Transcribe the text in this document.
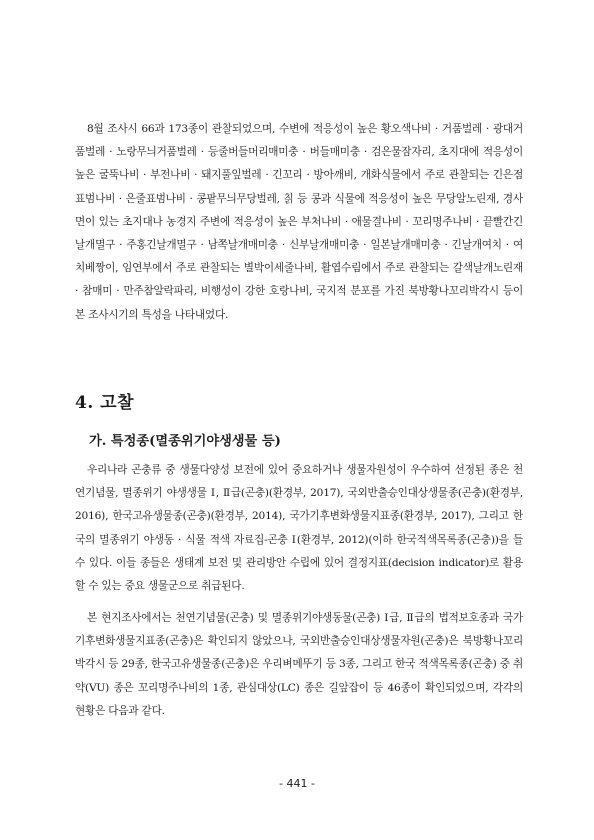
8월 조사시 66과 173종이 관찰되었으며, 수변에 적응성이 높은 황오색나비 · 거품벌레 · 광대거품벌레 · 노랑무늬거품벌레 · 등줄버들머리매미충 · 버들매미충 · 검은물잠자리, 초지대에 적응성이 높은 굴뚝나비 · 부전나비 · 돼지풀잎벌레 · 긴꼬리 · 방아깨비, 개화식물에서 주로 관찰되는 긴은점표범나비 · 은줄표범나비 · 콩팥무늬무당벌레, 칡 등 콩과 식물에 적응성이 높은 무당알노린재, 경사면이 있는 초지대나 농경지 주변에 적응성이 높은 부처나비 · 애물결나비 · 꼬리명주나비 · 끝빨간긴날개멸구 · 주홍긴날개멸구 · 남쪽날개매미충 · 신부날개매미충 · 일본날개매미충 · 긴날개여치 · 여치베짱이, 임연부에서 주로 관찰되는 별박이세줄나비, 활엽수림에서 주로 관찰되는 갈색날개노린재 · 참매미 · 만주참알락파리, 비행성이 강한 호랑나비, 국지적 분포를 가진 북방황나꼬리박각시 등이 본 조사시기의 특성을 나타내었다.

4. 고찰
가. 특정종(멸종위기야생생물 등)

우리나라 곤충류 중 생물다양성 보전에 있어 중요하거나 생물자원성이 우수하여 선정된 종은 천연기념물, 멸종위기 야생생물 Ⅰ, Ⅱ급(곤충)(환경부, 2017), 국외반출승인대상생물종(곤충)(환경부, 2016), 한국고유생물종(곤충)(환경부, 2014), 국가기후변화생물지표종(환경부, 2017), 그리고 한국의 멸종위기 야생동 · 식물 적색 자료집-곤충 Ⅰ(환경부, 2012)(이하 한국적색목록종(곤충))을 들 수 있다. 이들 종들은 생태계 보전 및 관리방안 수립에 있어 결정지표(decision indicator)로 활용할 수 있는 중요 생물군으로 취급된다.

본 현지조사에서는 천연기념물(곤충) 및 멸종위기야생동물(곤충) Ⅰ급, Ⅱ급의 법적보호종과 국가기후변화생물지표종(곤충)은 확인되지 않았으나, 국외반출승인대상생물자원(곤충)은 북방황나꼬리박각시 등 29종, 한국고유생물종(곤충)은 우리벼메뚜기 등 3종, 그리고 한국 적색목록종(곤충) 중 취약(VU) 종은 꼬리명주나비의 1종, 관심대상(LC) 종은 길앞잡이 등 46종이 확인되었으며, 각각의 현황은 다음과 같다.

- 441 -
